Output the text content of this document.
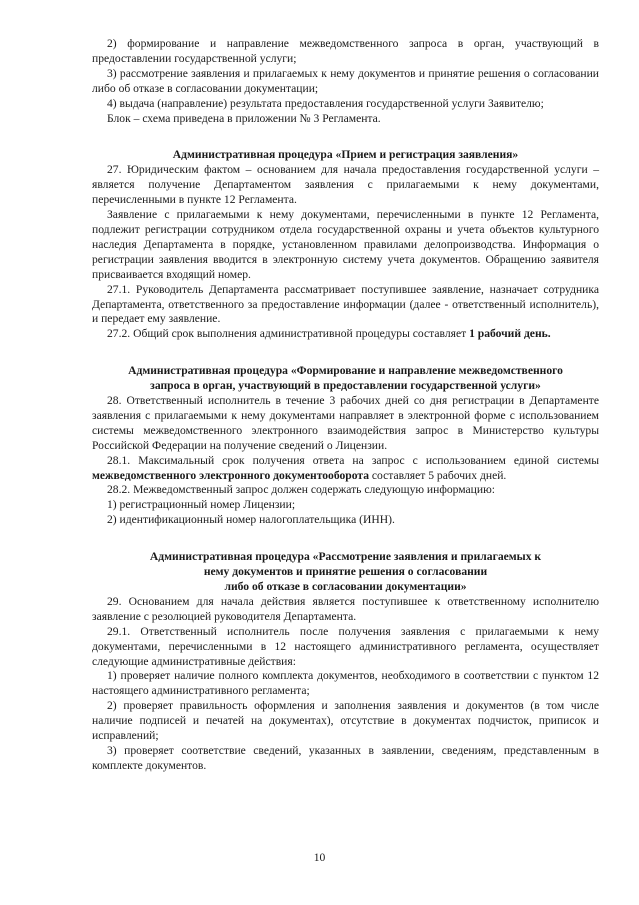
2) формирование и направление межведомственного запроса в орган, участвующий в предоставлении государственной услуги;

3) рассмотрение заявления и прилагаемых к нему документов и принятие решения о согласовании либо об отказе в согласовании документации;

4) выдача (направление) результата предоставления государственной услуги Заявителю;

Блок – схема приведена в приложении № 3 Регламента.

Административная процедура «Прием и регистрация заявления»

27. Юридическим фактом – основанием для начала предоставления государственной услуги – является получение Департаментом заявления с прилагаемыми к нему документами, перечисленными в пункте 12 Регламента.

Заявление с прилагаемыми к нему документами, перечисленными в пункте 12 Регламента, подлежит регистрации сотрудником отдела государственной охраны и учета объектов культурного наследия Департамента в порядке, установленном правилами делопроизводства. Информация о регистрации заявления вводится в электронную систему учета документов. Обращению заявителя присваивается входящий номер.

27.1. Руководитель Департамента рассматривает поступившее заявление, назначает сотрудника Департамента, ответственного за предоставление информации (далее - ответственный исполнитель), и передает ему заявление.

27.2. Общий срок выполнения административной процедуры составляет 1 рабочий день.

Административная процедура «Формирование и направление межведомственного
запроса в орган, участвующий в предоставлении государственной услуги»

28. Ответственный исполнитель в течение 3 рабочих дней со дня регистрации в Департаменте заявления с прилагаемыми к нему документами направляет в электронной форме с использованием системы межведомственного электронного взаимодействия запрос в Министерство культуры Российской Федерации на получение сведений о Лицензии.

28.1. Максимальный срок получения ответа на запрос с использованием единой системы межведомственного электронного документооборота составляет 5 рабочих дней.

28.2. Межведомственный запрос должен содержать следующую информацию:

1) регистрационный номер Лицензии;

2) идентификационный номер налогоплательщика (ИНН).

Административная процедура «Рассмотрение заявления и прилагаемых к
нему документов и принятие решения о согласовании
либо об отказе в согласовании документации»

29. Основанием для начала действия является поступившее к ответственному исполнителю заявление с резолюцией руководителя Департамента.

29.1. Ответственный исполнитель после получения заявления с прилагаемыми к нему документами, перечисленными в 12 настоящего административного регламента, осуществляет следующие административные действия:

1) проверяет наличие полного комплекта документов, необходимого в соответствии с пунктом 12 настоящего административного регламента;

2) проверяет правильность оформления и заполнения заявления и документов (в том числе наличие подписей и печатей на документах), отсутствие в документах подчисток, приписок и исправлений;

3) проверяет соответствие сведений, указанных в заявлении, сведениям, представленным в комплекте документов.

10
